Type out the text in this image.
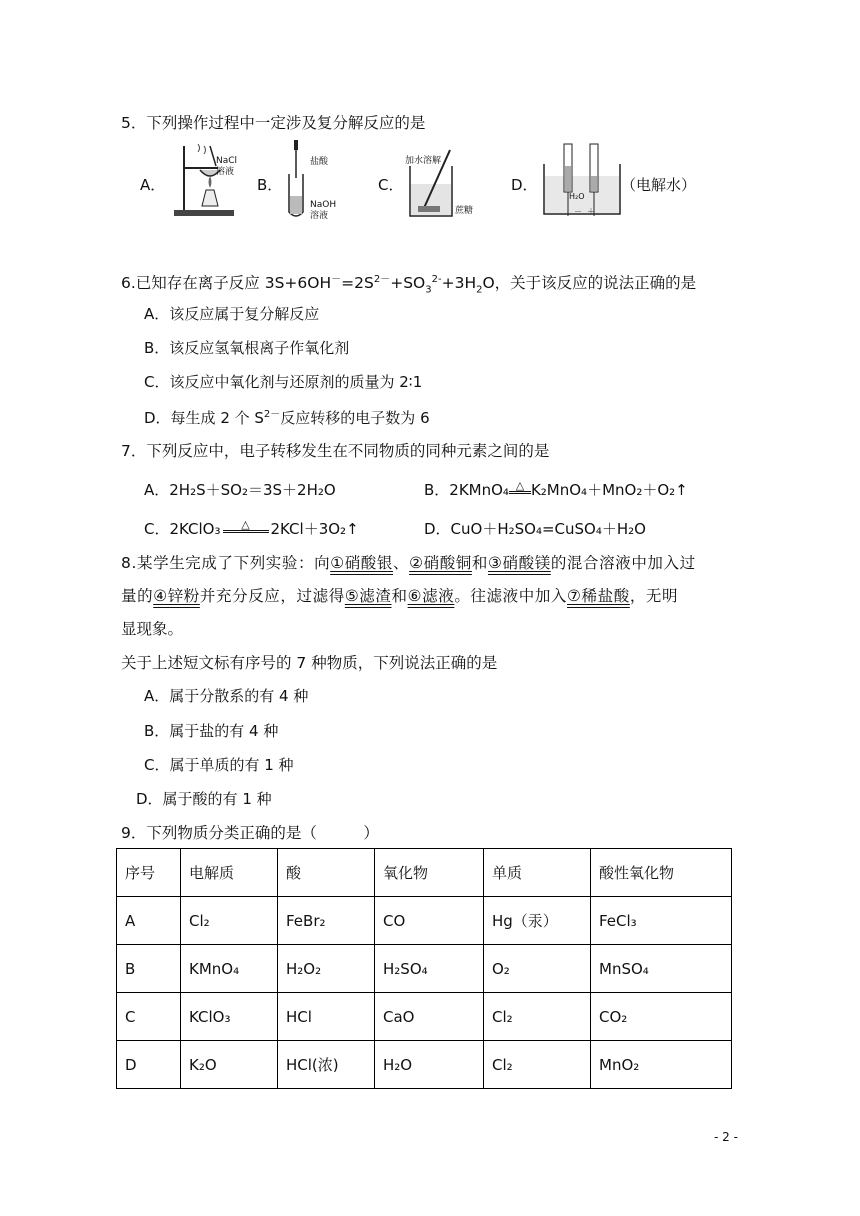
5．下列操作过程中一定涉及复分解反应的是
A．
NaCl
溶液
B．
盐酸
NaOH
溶液
C．
加水溶解
蔗糖
D．
H₂O
－ ＋
（电解水）
6.已知存在离子反应 $3S+6OH^-=2S^{2-}+SO_3^{2-}+3H_2O$，关于该反应的说法正确的是
A．该反应属于复分解反应
B．该反应氢氧根离子作氧化剂
C．该反应中氧化剂与还原剂的质量为 2∶1
D．每生成 2 个 $S^{2-}$反应转移的电子数为 6
7．下列反应中，电子转移发生在不同物质的同种元素之间的是
A．2H₂S＋SO₂＝3S＋2H₂O	B．2KMnO₄ △ K₂MnO₄＋MnO₂＋O₂↑
C．2KClO₃ △ 2KCl＋3O₂↑	D．CuO＋H₂SO₄=CuSO₄＋H₂O
8.某学生完成了下列实验：向①硝酸银、②硝酸铜和③硝酸镁的混合溶液中加入过
量的④锌粉并充分反应，过滤得⑤滤渣和⑥滤液。往滤液中加入⑦稀盐酸，无明
显现象。
关于上述短文标有序号的 7 种物质，下列说法正确的是
A．属于分散系的有 4 种
B．属于盐的有 4 种
C．属于单质的有 1 种
D．属于酸的有 1 种
9．下列物质分类正确的是（　　　）
序号	电解质	酸	氧化物	单质	酸性氧化物
A	Cl₂	FeBr₂	CO	Hg（汞）	FeCl₃
B	KMnO₄	H₂O₂	H₂SO₄	O₂	MnSO₄
C	KClO₃	HCl	CaO	Cl₂	CO₂
D	K₂O	HCl(浓)	H₂O	Cl₂	MnO₂
- 2 -
